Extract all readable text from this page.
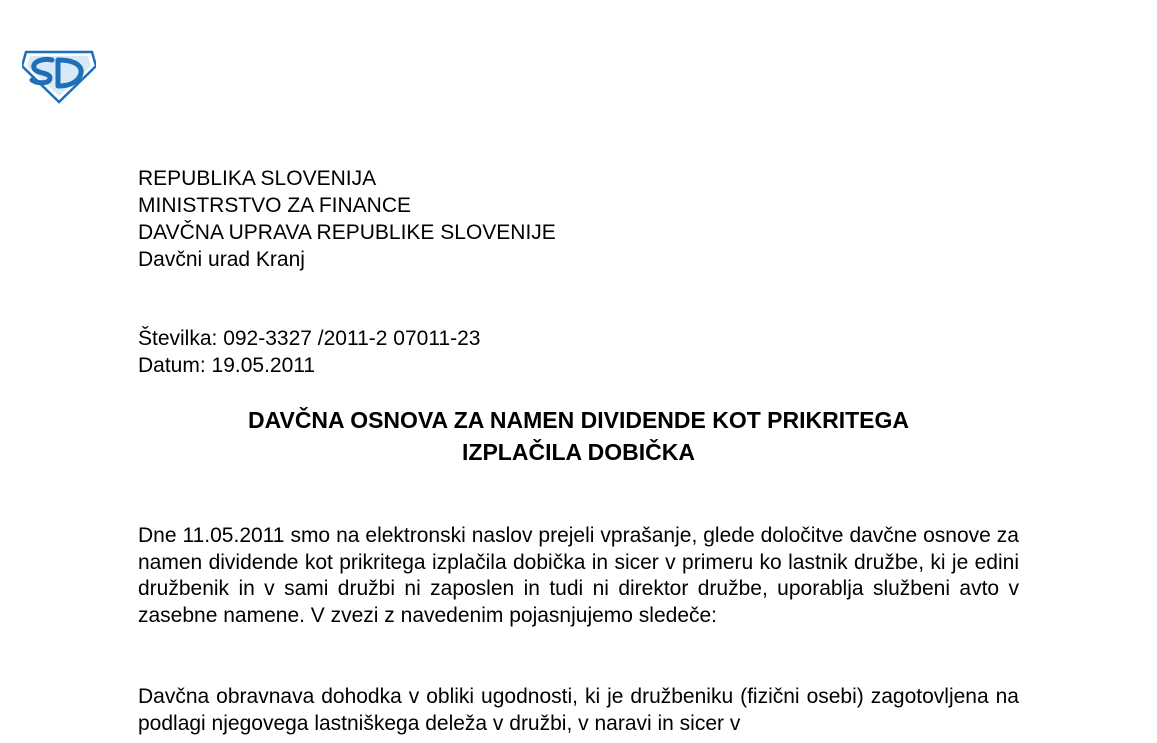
REPUBLIKA SLOVENIJA
MINISTRSTVO ZA FINANCE
DAVČNA UPRAVA REPUBLIKE SLOVENIJE
Davčni urad Kranj
Številka: 092-3327 /2011-2 07011-23
Datum: 19.05.2011
DAVČNA OSNOVA ZA NAMEN DIVIDENDE KOT PRIKRITEGA
IZPLAČILA DOBIČKA

Dne 11.05.2011 smo na elektronski naslov prejeli vprašanje, glede določitve davčne osnove za namen dividende kot prikritega izplačila dobička in sicer v primeru ko lastnik družbe, ki je edini družbenik in v sami družbi ni zaposlen in tudi ni direktor družbe, uporablja službeni avto v zasebne namene. V zvezi z navedenim pojasnjujemo sledeče:

Davčna obravnava dohodka v obliki ugodnosti, ki je družbeniku (fizični osebi) zagotovljena na podlagi njegovega lastniškega deleža v družbi, v naravi in sicer v
